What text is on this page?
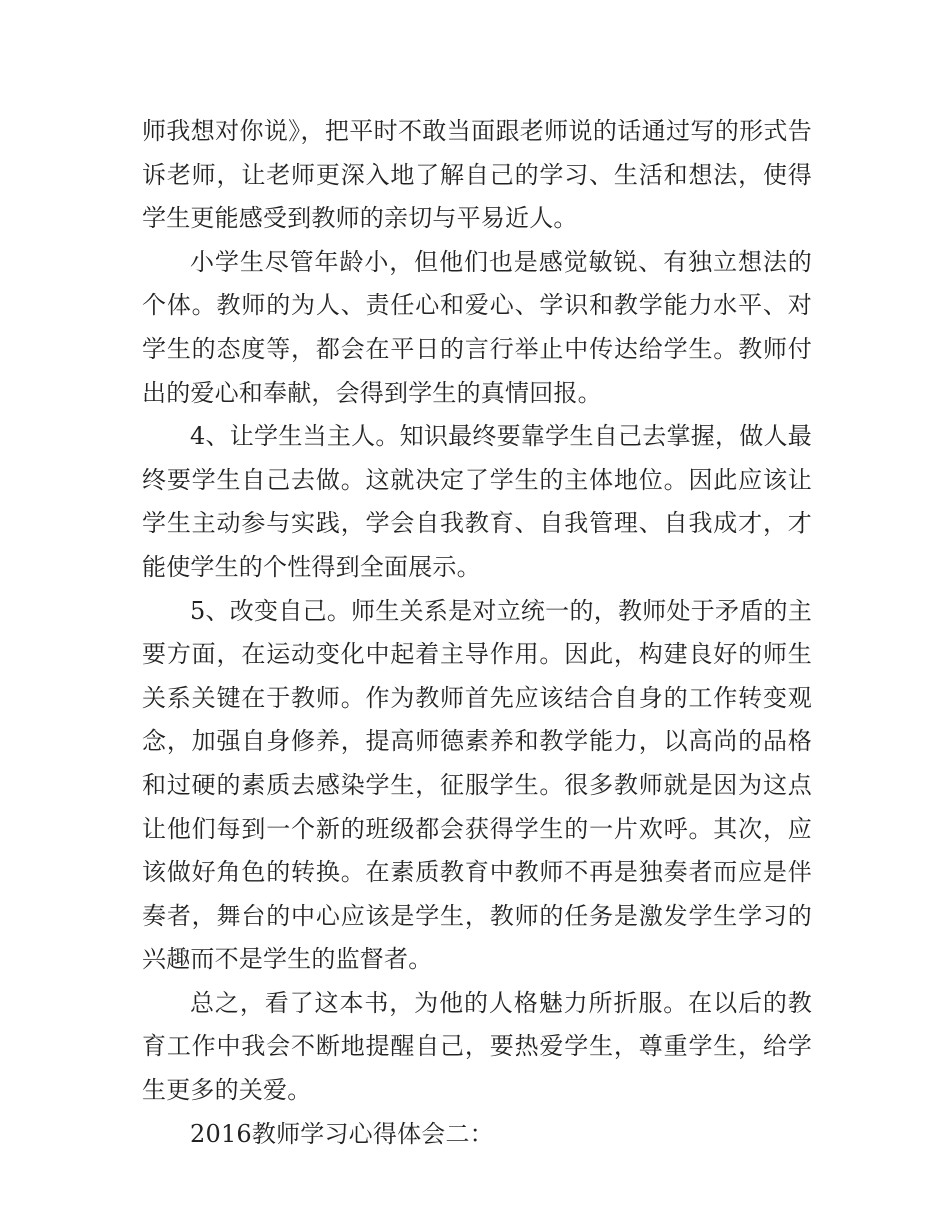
师我想对你说》，把平时不敢当面跟老师说的话通过写的形式告诉老师，让老师更深入地了解自己的学习、生活和想法，使得学生更能感受到教师的亲切与平易近人。

小学生尽管年龄小，但他们也是感觉敏锐、有独立想法的个体。教师的为人、责任心和爱心、学识和教学能力水平、对学生的态度等，都会在平日的言行举止中传达给学生。教师付出的爱心和奉献，会得到学生的真情回报。

4、让学生当主人。知识最终要靠学生自己去掌握，做人最终要学生自己去做。这就决定了学生的主体地位。因此应该让学生主动参与实践，学会自我教育、自我管理、自我成才，才能使学生的个性得到全面展示。

5、改变自己。师生关系是对立统一的，教师处于矛盾的主要方面，在运动变化中起着主导作用。因此，构建良好的师生关系关键在于教师。作为教师首先应该结合自身的工作转变观念，加强自身修养，提高师德素养和教学能力，以高尚的品格和过硬的素质去感染学生，征服学生。很多教师就是因为这点让他们每到一个新的班级都会获得学生的一片欢呼。其次，应该做好角色的转换。在素质教育中教师不再是独奏者而应是伴奏者，舞台的中心应该是学生，教师的任务是激发学生学习的兴趣而不是学生的监督者。

总之，看了这本书，为他的人格魅力所折服。在以后的教育工作中我会不断地提醒自己，要热爱学生，尊重学生，给学生更多的关爱。

2016教师学习心得体会二：
